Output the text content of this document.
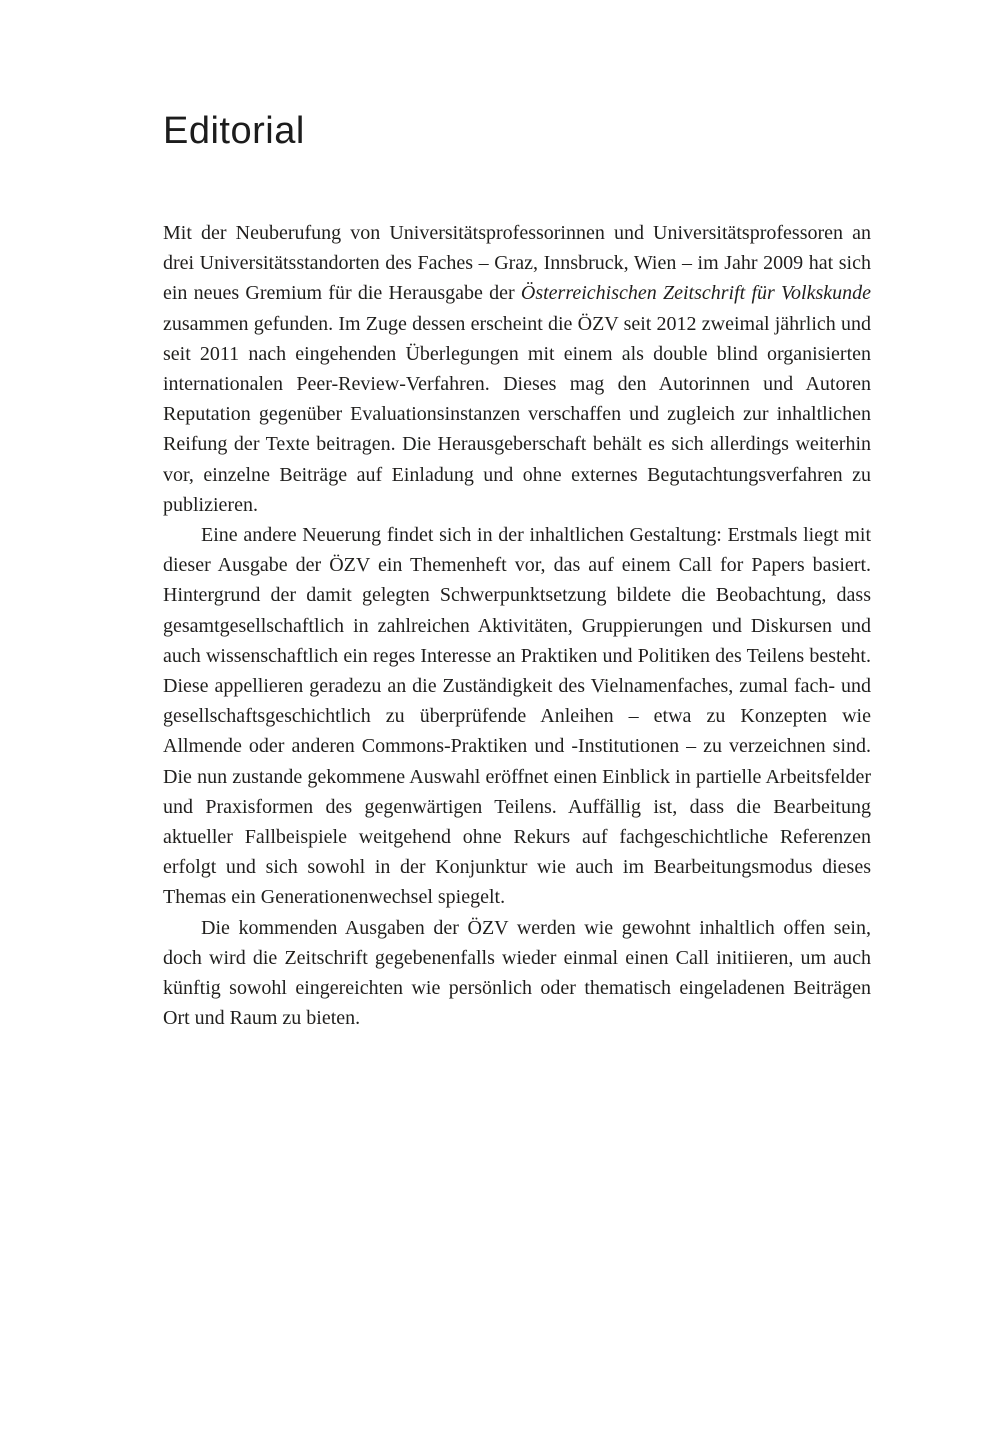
Editorial

Mit der Neuberufung von Universitätsprofessorinnen und Universitätsprofessoren an drei Universitätsstandorten des Faches – Graz, Innsbruck, Wien – im Jahr 2009 hat sich ein neues Gremium für die Herausgabe der Österreichischen Zeitschrift für Volkskunde zusammen gefunden. Im Zuge dessen erscheint die ÖZV seit 2012 zweimal jährlich und seit 2011 nach eingehenden Überlegungen mit einem als double blind organisierten internationalen Peer-Review-Verfahren. Dieses mag den Autorinnen und Autoren Reputation gegenüber Evaluationsinstanzen verschaffen und zugleich zur inhaltlichen Reifung der Texte beitragen. Die Herausgeberschaft behält es sich allerdings weiterhin vor, einzelne Beiträge auf Einladung und ohne externes Begutachtungsverfahren zu publizieren.

Eine andere Neuerung findet sich in der inhaltlichen Gestaltung: Erstmals liegt mit dieser Ausgabe der ÖZV ein Themenheft vor, das auf einem Call for Papers basiert. Hintergrund der damit gelegten Schwerpunktsetzung bildete die Beobachtung, dass gesamtgesellschaftlich in zahlreichen Aktivitäten, Gruppierungen und Diskursen und auch wissenschaftlich ein reges Interesse an Praktiken und Politiken des Teilens besteht. Diese appellieren geradezu an die Zuständigkeit des Vielnamenfaches, zumal fach- und gesellschaftsgeschichtlich zu überprüfende Anleihen – etwa zu Konzepten wie Allmende oder anderen Commons-Praktiken und -Institutionen – zu verzeichnen sind. Die nun zustande gekommene Auswahl eröffnet einen Einblick in partielle Arbeitsfelder und Praxisformen des gegenwärtigen Teilens. Auffällig ist, dass die Bearbeitung aktueller Fallbeispiele weitgehend ohne Rekurs auf fachgeschichtliche Referenzen erfolgt und sich sowohl in der Konjunktur wie auch im Bearbeitungsmodus dieses Themas ein Generationenwechsel spiegelt.

Die kommenden Ausgaben der ÖZV werden wie gewohnt inhaltlich offen sein, doch wird die Zeitschrift gegebenenfalls wieder einmal einen Call initiieren, um auch künftig sowohl eingereichten wie persönlich oder thematisch eingeladenen Beiträgen Ort und Raum zu bieten.
